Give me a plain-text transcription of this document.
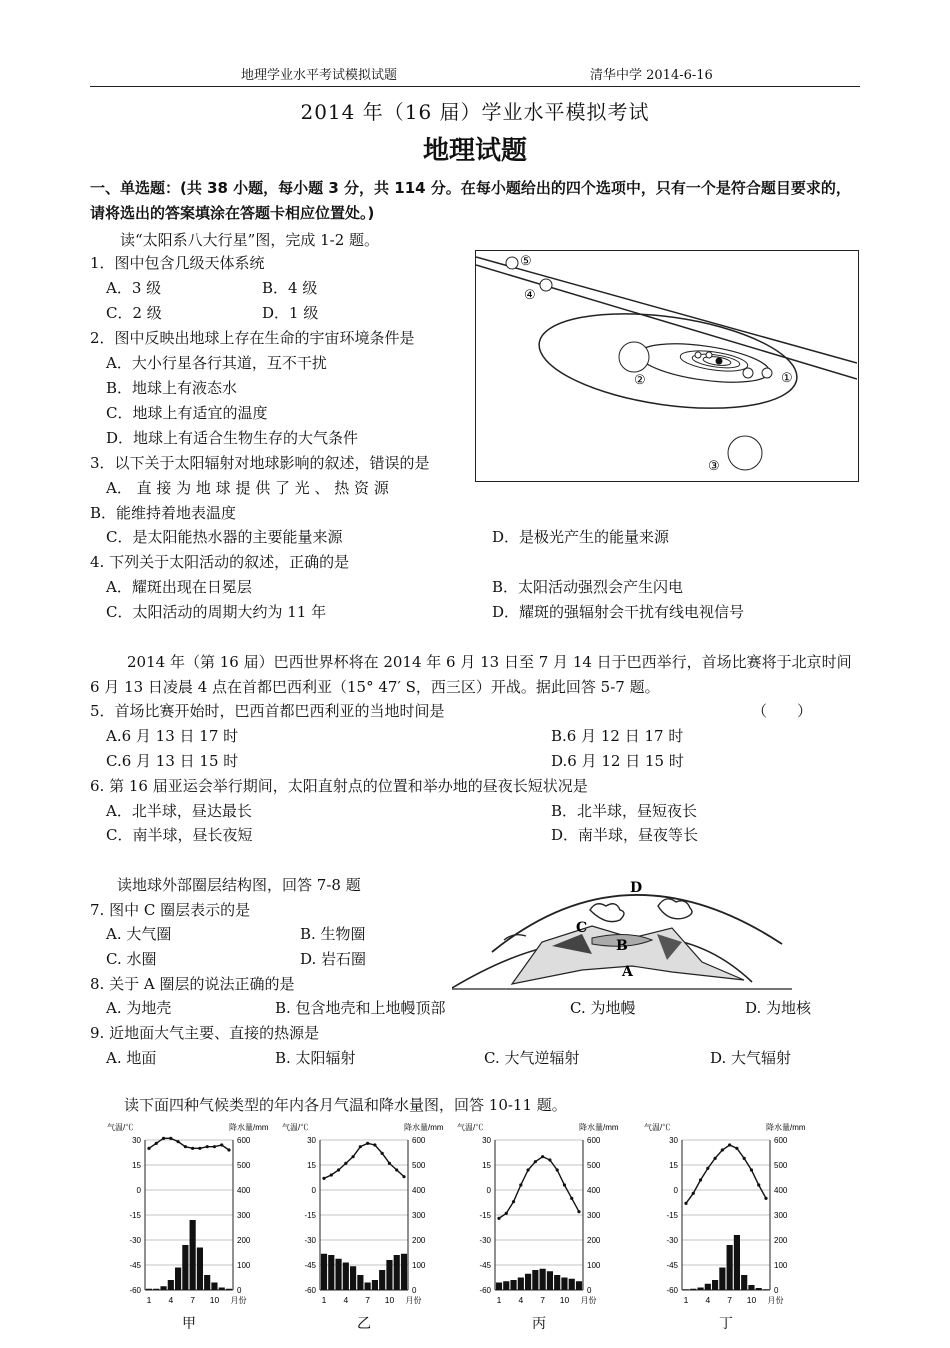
地理学业水平考试模拟试题	清华中学 2014-6-16
2014 年（16 届）学业水平模拟考试
地理试题
一、单选题：(共 38 小题，每小题 3 分，共 114 分。在每小题给出的四个选项中，只有一个是符合题目要求的，
请将选出的答案填涂在答题卡相应位置处。)
读“太阳系八大行星”图，完成 1-2 题。
1．图中包含几级天体系统
A．3 级	B．4 级
C．2 级	D．1 级
2．图中反映出地球上存在生命的宇宙环境条件是
A．大小行星各行其道，互不干扰
B．地球上有液态水
C．地球上有适宜的温度
D．地球上有适合生物生存的大气条件
3．以下关于太阳辐射对地球影响的叙述，错误的是
A． 直 接 为 地 球 提 供 了 光 、 热 资 源
B．能维持着地表温度
C．是太阳能热水器的主要能量来源	D．是极光产生的能量来源
4. 下列关于太阳活动的叙述，正确的是
A．耀斑出现在日冕层	B．太阳活动强烈会产生闪电
C．太阳活动的周期大约为 11 年	D．耀斑的强辐射会干扰有线电视信号
①
②
③
④
⑤
2014 年（第 16 届）巴西世界杯将在 2014 年 6 月 13 日至 7 月 14 日于巴西举行，首场比赛将于北京时间
6 月 13 日凌晨 4 点在首都巴西利亚（15° 47′ S，西三区）开战。据此回答 5-7 题。
5．首场比赛开始时，巴西首都巴西利亚的当地时间是	（　　）
A.6 月 13 日 17 时	B.6 月 12 日 17 时
C.6 月 13 日 15 时	D.6 月 12 日 15 时
6. 第 16 届亚运会举行期间，太阳直射点的位置和举办地的昼夜长短状况是
A．北半球，昼达最长	B．北半球，昼短夜长
C．南半球，昼长夜短	D．南半球，昼夜等长
读地球外部圈层结构图，回答 7-8 题
7. 图中 C 圈层表示的是
A. 大气圈	B. 生物圈
C. 水圈	D. 岩石圈
8. 关于 A 圈层的说法正确的是
A. 为地壳	B. 包含地壳和上地幔顶部	C. 为地幔	D. 为地核
D
C
B
A
9. 近地面大气主要、直接的热源是
A. 地面	B. 太阳辐射	C. 大气逆辐射	D. 大气辐射
读下面四种气候类型的年内各月气温和降水量图，回答 10-11 题。
30	600
15	500
0	400
-15	300
-30	200
-45	100
-60	0
气温/℃	降水量/mm
1 4 7 10 月份
甲
30	600
15	500
0	400
-15	300
-30	200
-45	100
-60	0
气温/℃	降水量/mm
1 4 7 10 月份
乙
30	600
15	500
0	400
-15	300
-30	200
-45	100
-60	0
气温/℃	降水量/mm
1 4 7 10 月份
丙
30	600
15	500
0	400
-15	300
-30	200
-45	100
-60	0
气温/℃	降水量/mm
1 4 7 10 月份
丁
